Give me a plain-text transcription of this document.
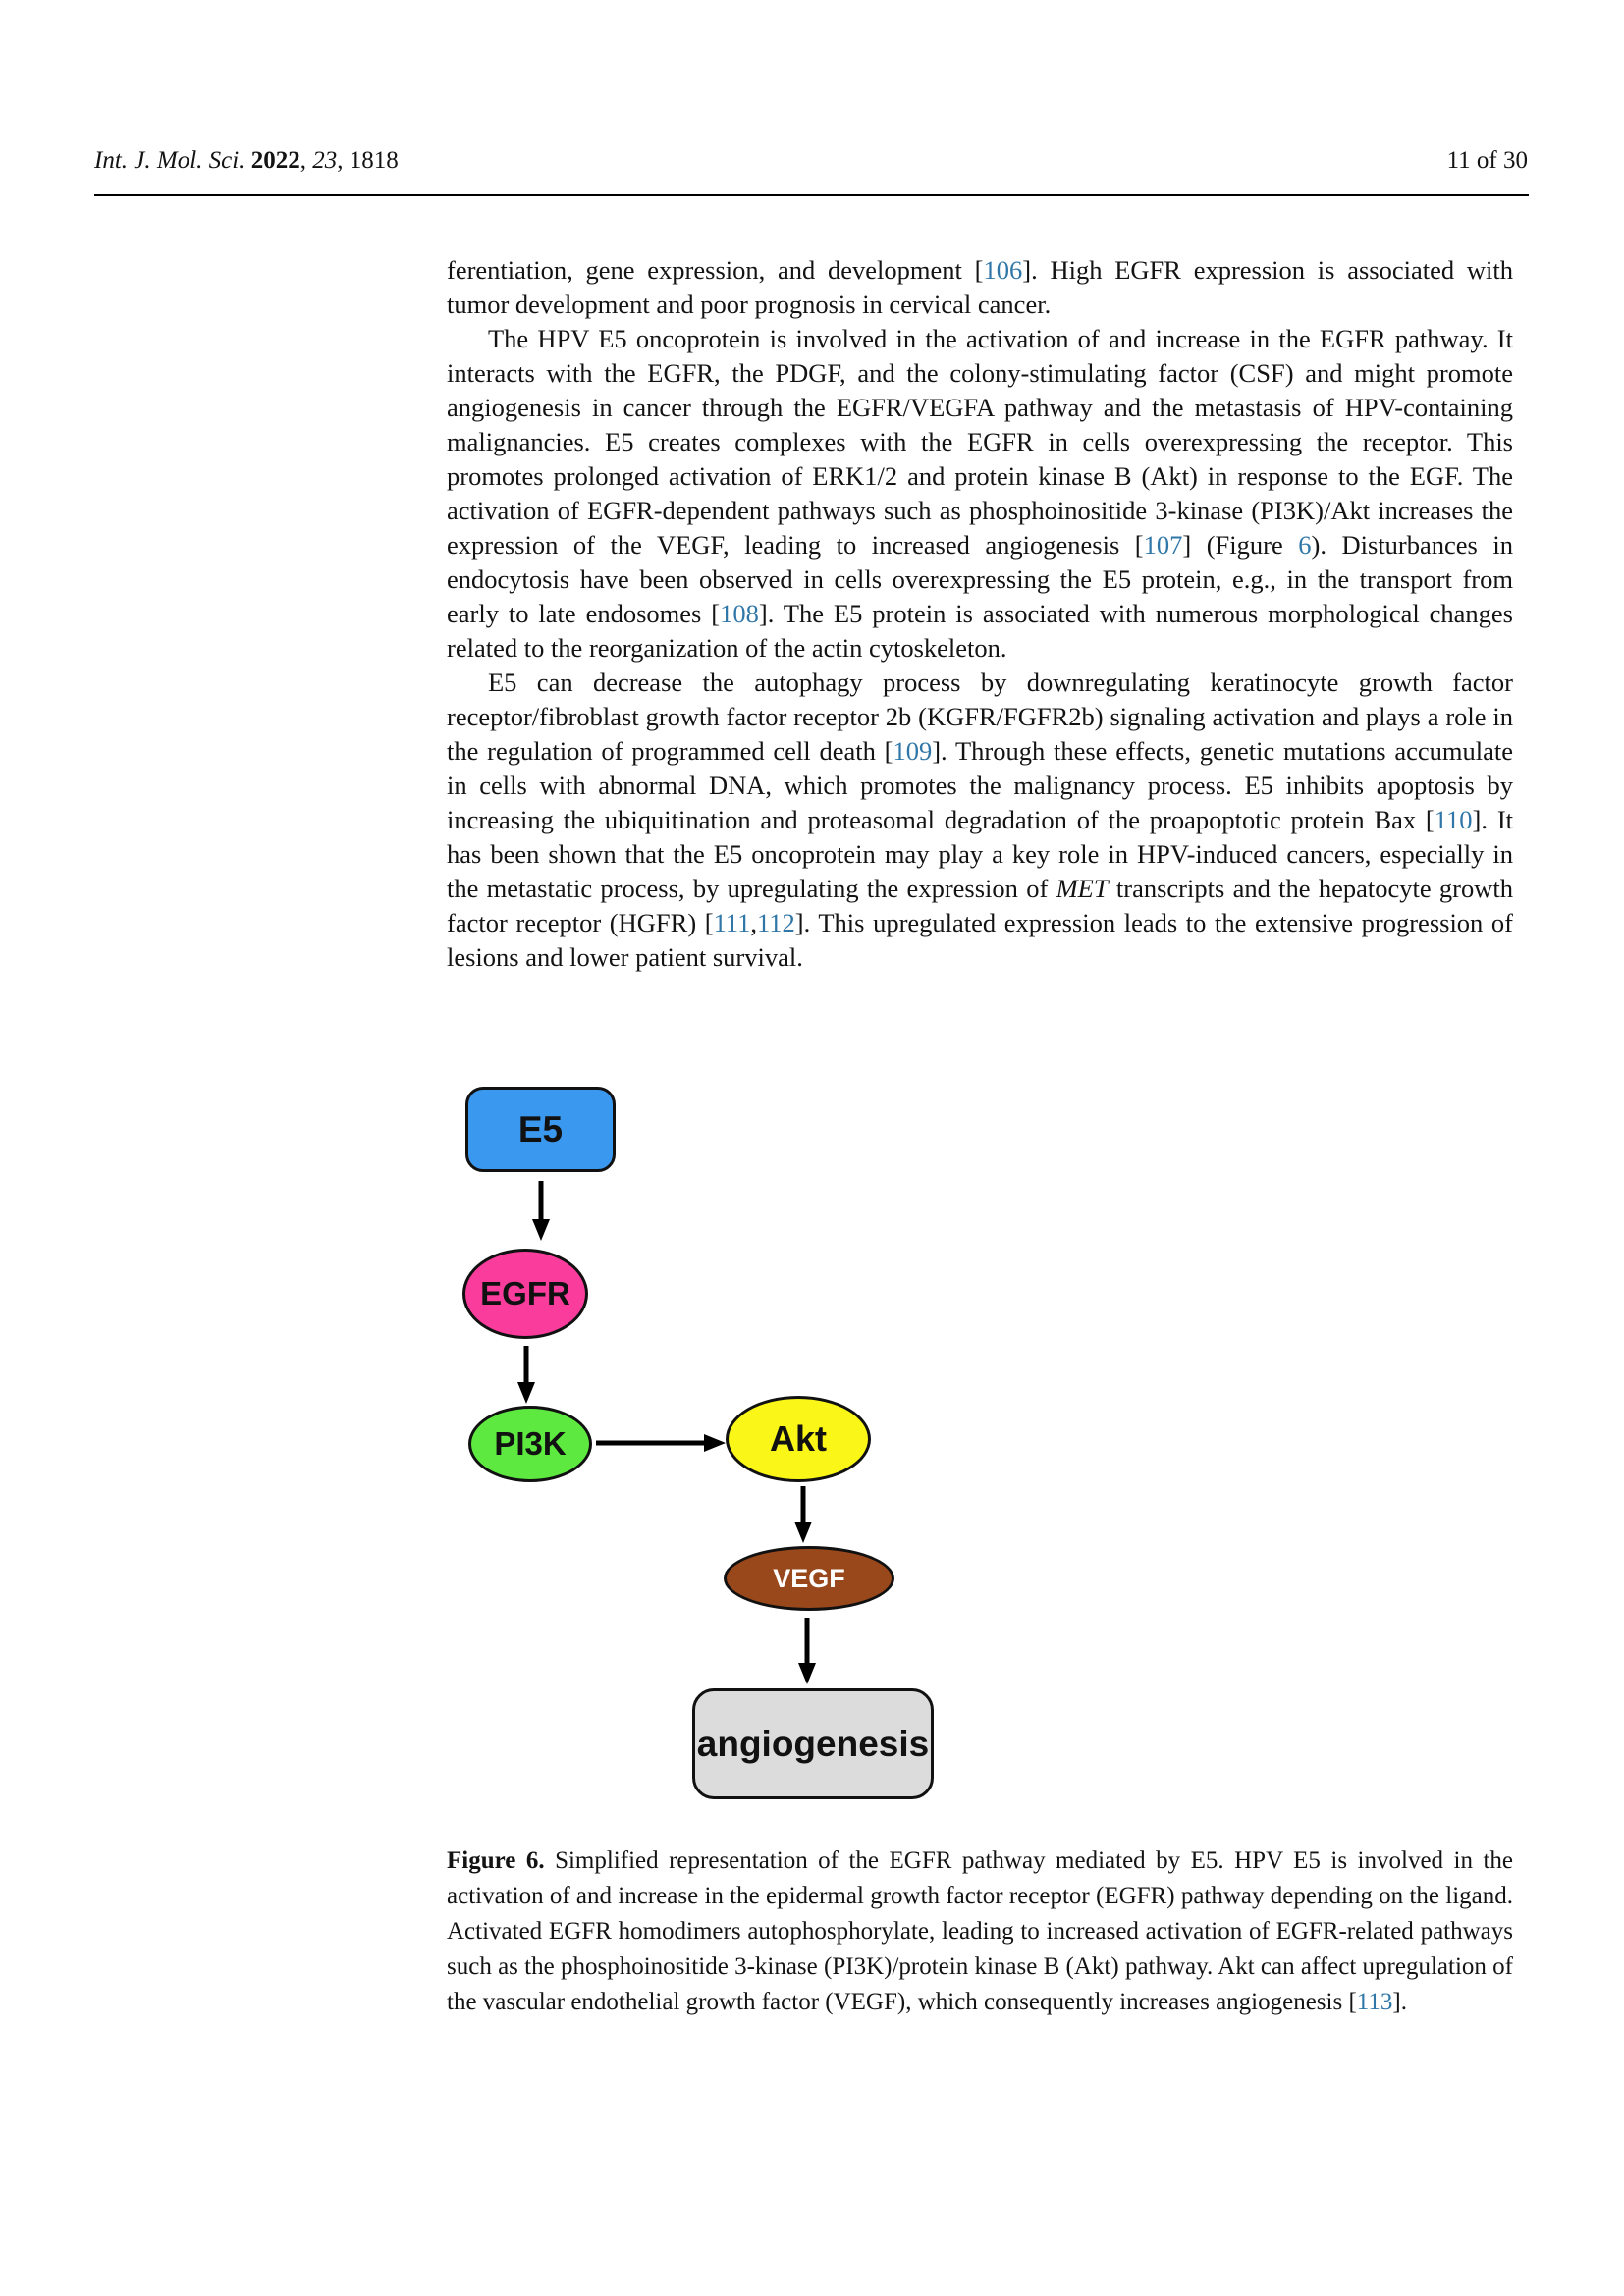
Int. J. Mol. Sci. 2022, 23, 1818	11 of 30

ferentiation, gene expression, and development [106]. High EGFR expression is associated with tumor development and poor prognosis in cervical cancer.

The HPV E5 oncoprotein is involved in the activation of and increase in the EGFR pathway. It interacts with the EGFR, the PDGF, and the colony-stimulating factor (CSF) and might promote angiogenesis in cancer through the EGFR/VEGFA pathway and the metastasis of HPV-containing malignancies. E5 creates complexes with the EGFR in cells overexpressing the receptor. This promotes prolonged activation of ERK1/2 and protein kinase B (Akt) in response to the EGF. The activation of EGFR-dependent pathways such as phosphoinositide 3-kinase (PI3K)/Akt increases the expression of the VEGF, leading to increased angiogenesis [107] (Figure 6). Disturbances in endocytosis have been observed in cells overexpressing the E5 protein, e.g., in the transport from early to late endosomes [108]. The E5 protein is associated with numerous morphological changes related to the reorganization of the actin cytoskeleton.

E5 can decrease the autophagy process by downregulating keratinocyte growth factor receptor/fibroblast growth factor receptor 2b (KGFR/FGFR2b) signaling activation and plays a role in the regulation of programmed cell death [109]. Through these effects, genetic mutations accumulate in cells with abnormal DNA, which promotes the malignancy process. E5 inhibits apoptosis by increasing the ubiquitination and proteasomal degradation of the proapoptotic protein Bax [110]. It has been shown that the E5 oncoprotein may play a key role in HPV-induced cancers, especially in the metastatic process, by upregulating the expression of MET transcripts and the hepatocyte growth factor receptor (HGFR) [111,112]. This upregulated expression leads to the extensive progression of lesions and lower patient survival.

E5
EGFR
PI3K	Akt
VEGF
angiogenesis
Figure 6. Simplified representation of the EGFR pathway mediated by E5. HPV E5 is involved in the activation of and increase in the epidermal growth factor receptor (EGFR) pathway depending on the ligand. Activated EGFR homodimers autophosphorylate, leading to increased activation of EGFR-related pathways such as the phosphoinositide 3-kinase (PI3K)/protein kinase B (Akt) pathway. Akt can affect upregulation of the vascular endothelial growth factor (VEGF), which consequently increases angiogenesis [113].
